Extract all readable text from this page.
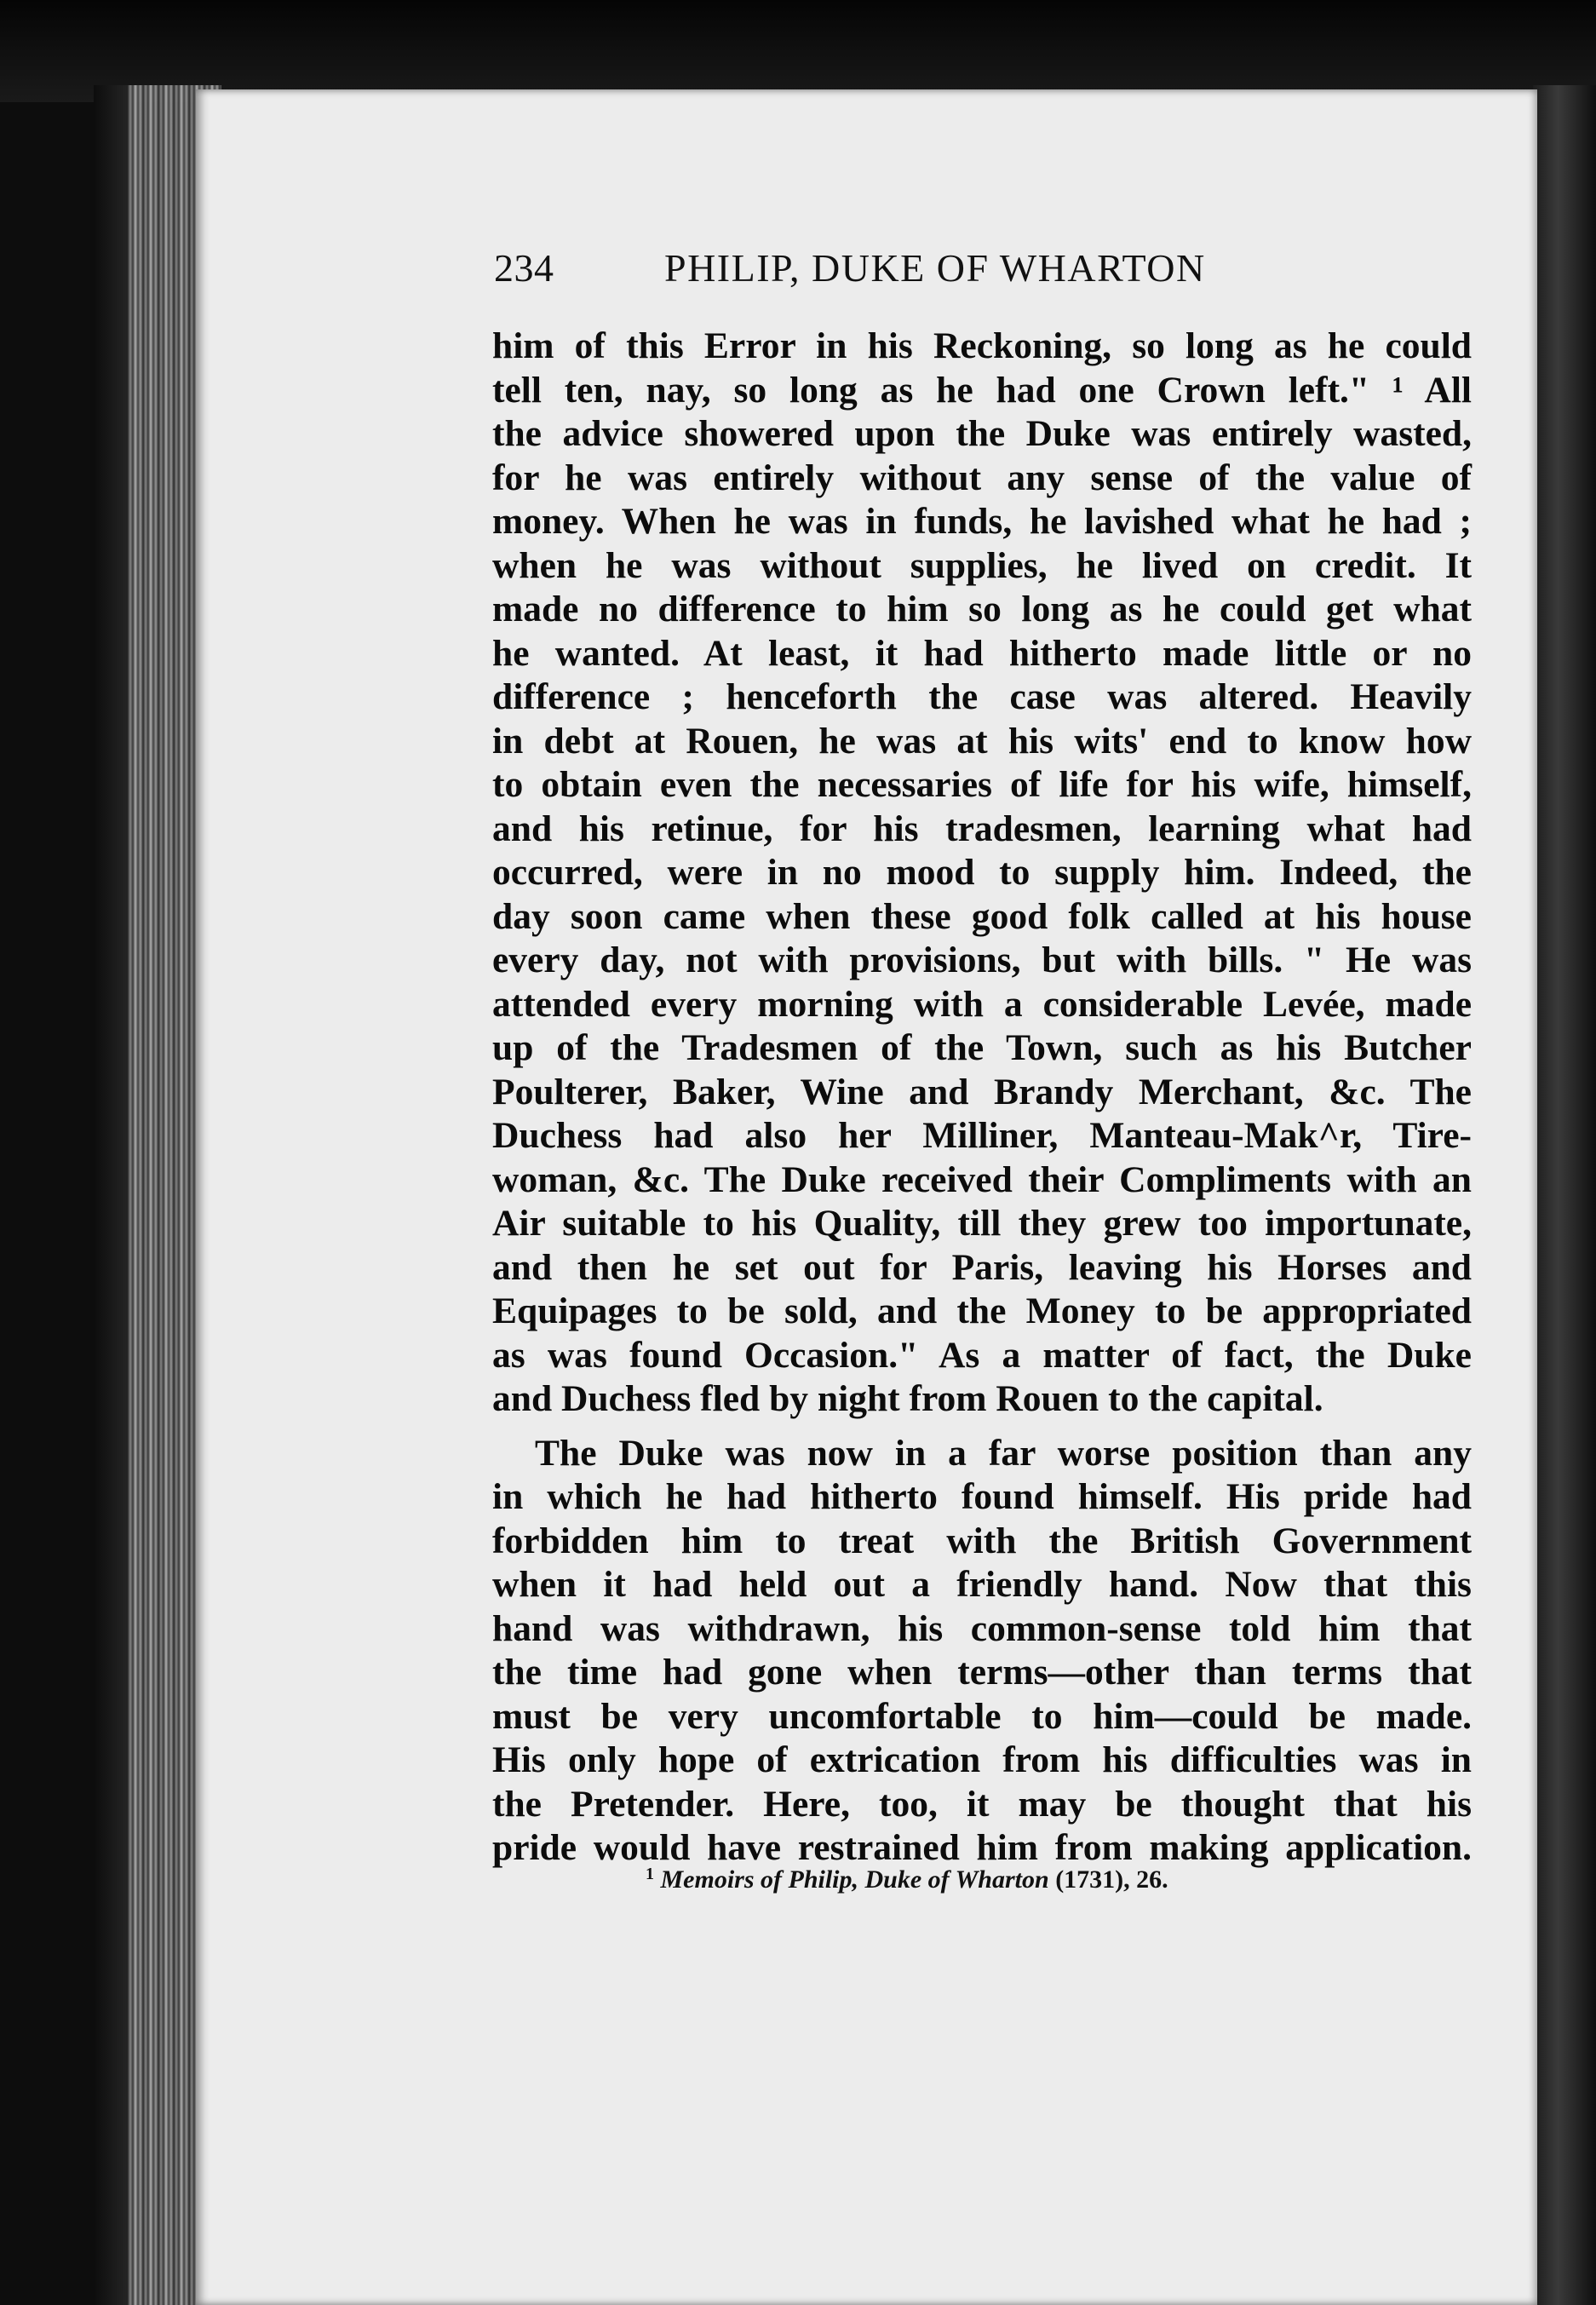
234	PHILIP, DUKE OF WHARTON
him of this Error in his Reckoning, so long as he could
tell ten, nay, so long as he had one Crown left." ¹ All
the advice showered upon the Duke was entirely wasted,
for he was entirely without any sense of the value of
money. When he was in funds, he lavished what he had ;
when he was without supplies, he lived on credit. It
made no difference to him so long as he could get what
he wanted. At least, it had hitherto made little or no
difference ; henceforth the case was altered. Heavily
in debt at Rouen, he was at his wits' end to know how
to obtain even the necessaries of life for his wife, himself,
and his retinue, for his tradesmen, learning what had
occurred, were in no mood to supply him. Indeed, the
day soon came when these good folk called at his house
every day, not with provisions, but with bills. " He was
attended every morning with a considerable Levée, made
up of the Tradesmen of the Town, such as his Butcher
Poulterer, Baker, Wine and Brandy Merchant, &c. The
Duchess had also her Milliner, Manteau-Mak^r, Tire-
woman, &c. The Duke received their Compliments with an
Air suitable to his Quality, till they grew too importunate,
and then he set out for Paris, leaving his Horses and
Equipages to be sold, and the Money to be appropriated
as was found Occasion." As a matter of fact, the Duke
and Duchess fled by night from Rouen to the capital.
The Duke was now in a far worse position than any
in which he had hitherto found himself. His pride had
forbidden him to treat with the British Government
when it had held out a friendly hand. Now that this
hand was withdrawn, his common-sense told him that
the time had gone when terms—other than terms that
must be very uncomfortable to him—could be made.
His only hope of extrication from his difficulties was in
the Pretender. Here, too, it may be thought that his
pride would have restrained him from making application.
$^1$ Memoirs of Philip, Duke of Wharton (1731), 26.
